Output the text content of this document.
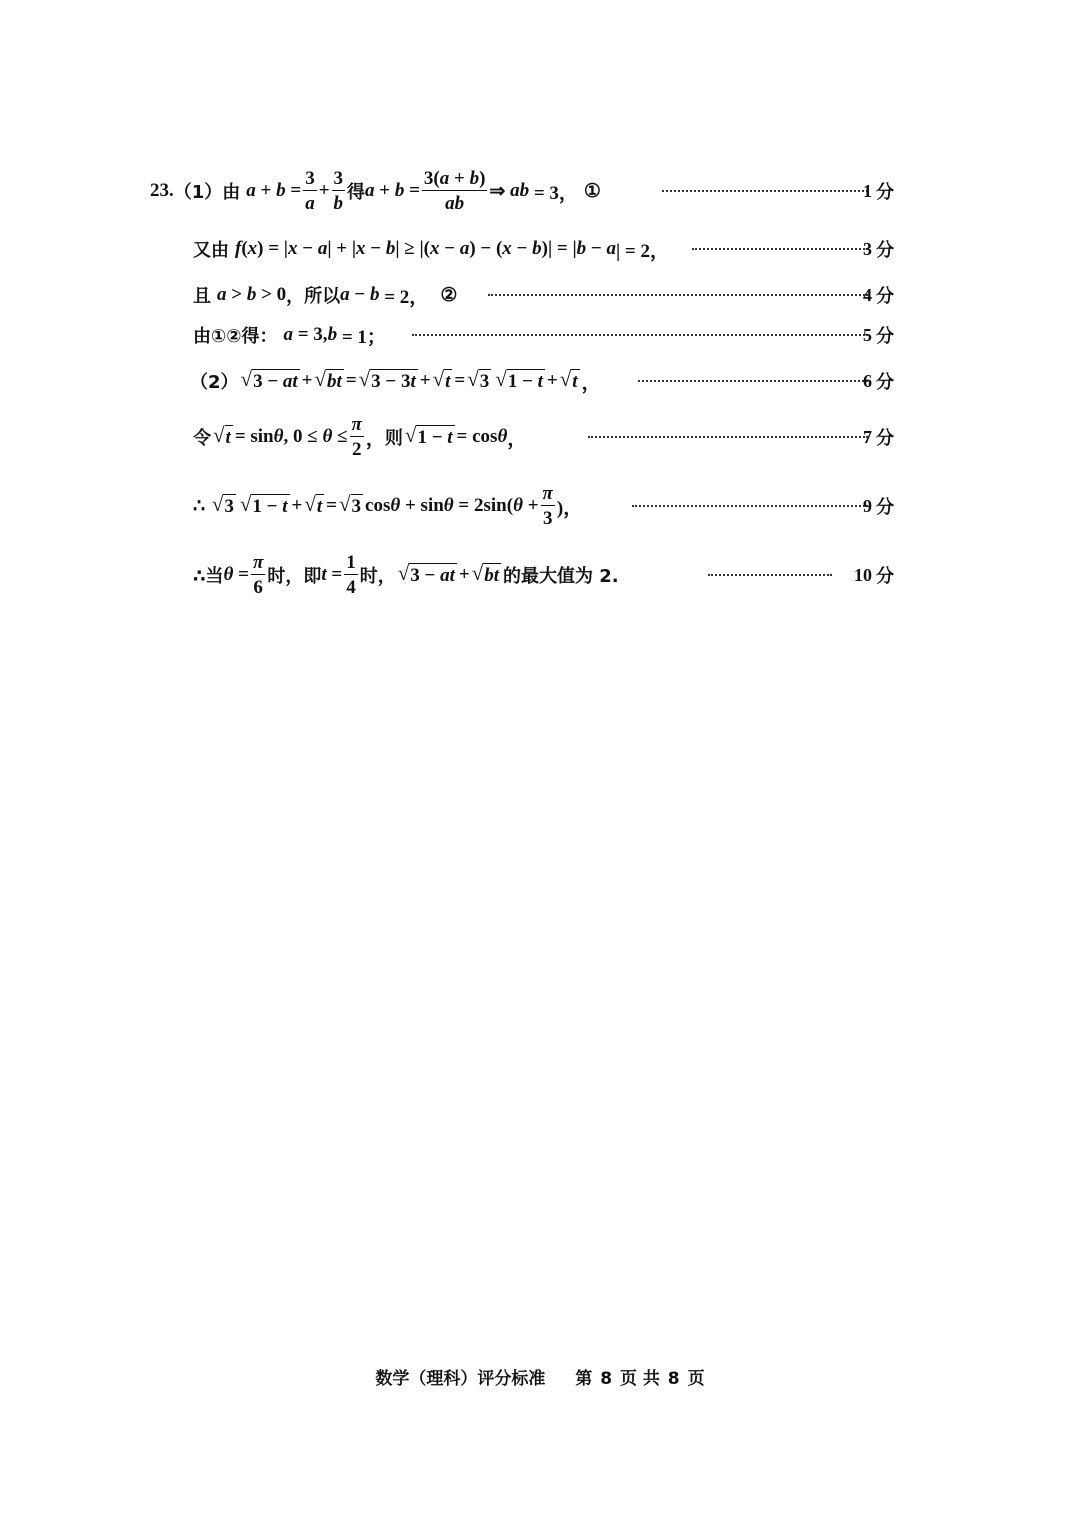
23. （1） 由 $a + b = \frac{3}{a} + \frac{3}{b}$ 得 $a + b = \frac{3(a + b)}{ab}$ ⇒ ab = 3， ①	1 分
又由 f ( x ) = | x − a | + | x − b | ≥ |( x − a ) − ( x − b )| = | b − a | = 2，	3 分
且 a > b > 0 ，所以 a − b = 2， ②	4 分
由①②得： a = 3, b = 1；	5 分
（2） √ 3 − at + √ bt = √ 3 − 3t + √ t = √ 3 √ 1 − t + √ t ，	6 分
令 √ t = sin θ , $0 \le \theta \le \frac{\pi}{2}$ ， 则 √ 1 − t = cos θ ，	7 分
∴
√ 3 √ 1 − t + √ t = √ 3 cos θ + sin θ = 2sin( $\theta + \frac{\pi}{3}$ )，	9 分
∴当 $\theta = \frac{\pi}{6}$ 时，即 $t = \frac{1}{4}$ 时， √ 3 − at + √ bt 的最大值为 2.	10 分
数学（理科）评分标准 第 8 页 共 8 页
